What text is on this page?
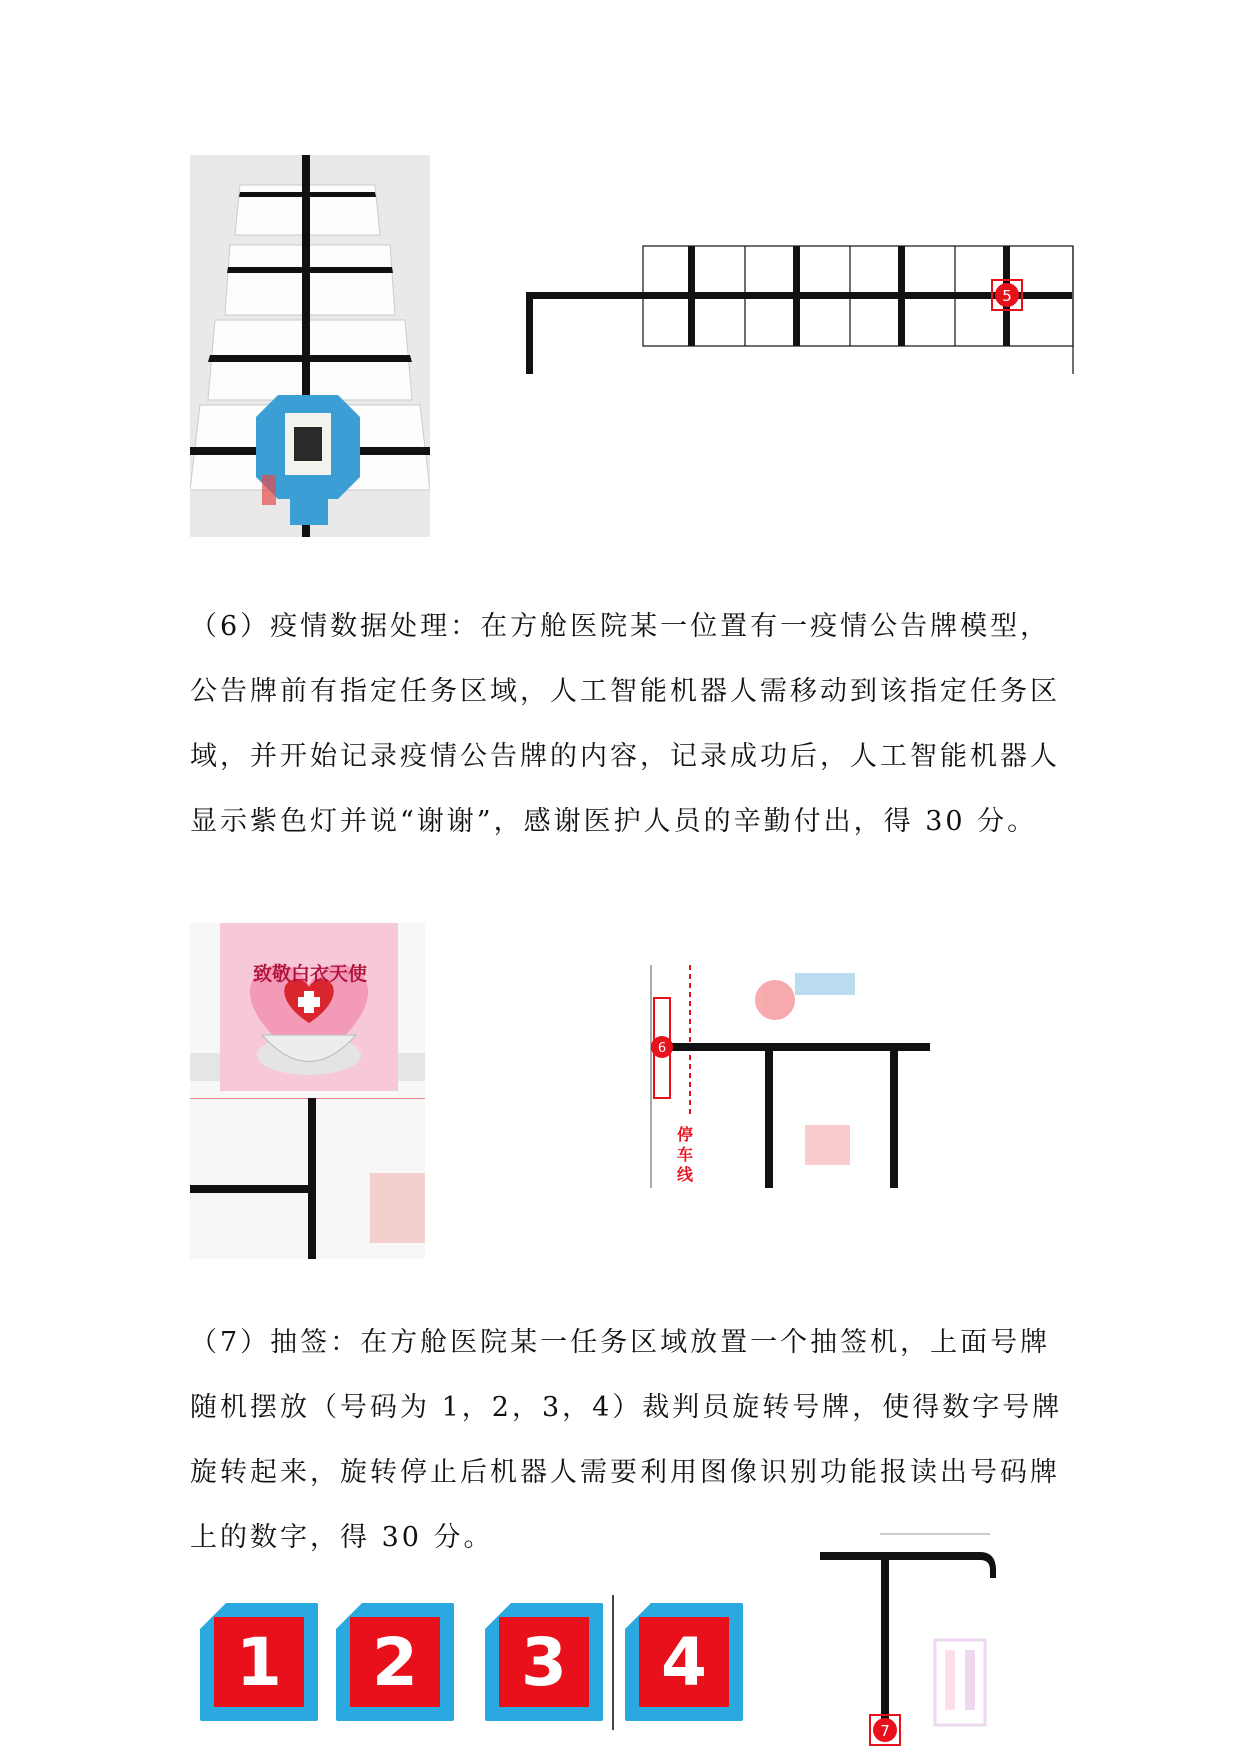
5

（6）疫情数据处理：在方舱医院某一位置有一疫情公告牌模型，公告牌前有指定任务区域，人工智能机器人需移动到该指定任务区域，并开始记录疫情公告牌的内容，记录成功后，人工智能机器人显示紫色灯并说“谢谢”，感谢医护人员的辛勤付出，得 30 分。

致敬白衣天使
6
停车线

（7）抽签：在方舱医院某一任务区域放置一个抽签机，上面号牌随机摆放（号码为 1，2，3，4）裁判员旋转号牌，使得数字号牌旋转起来，旋转停止后机器人需要利用图像识别功能报读出号码牌上的数字，得 30 分。

1 2 3 4
7
